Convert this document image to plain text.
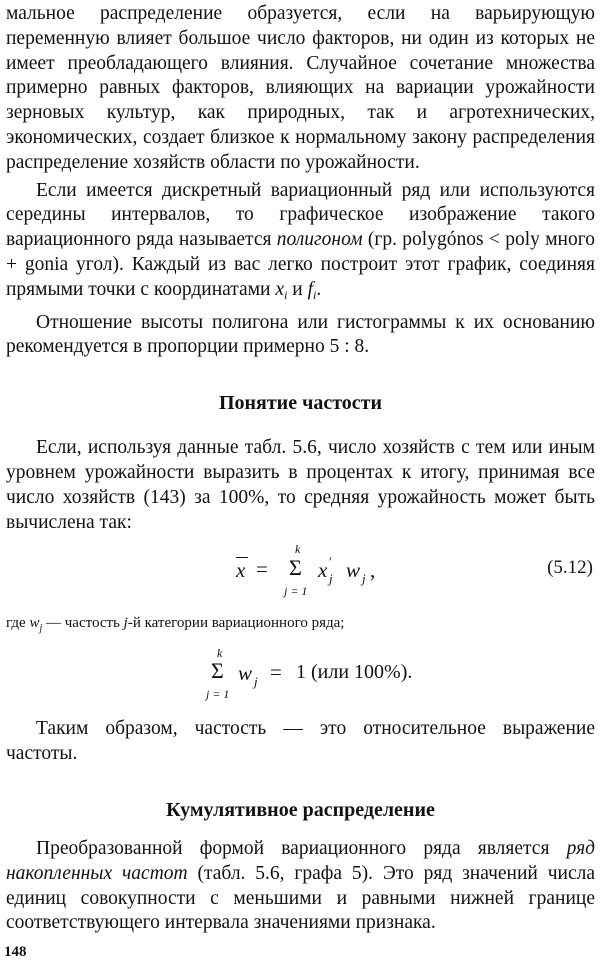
мальное распределение образуется, если на варьирующую переменную влияет большое число факторов, ни один из которых не имеет преобладающего влияния. Случайное сочетание множества примерно равных факторов, влияющих на вариации урожайности зерновых культур, как природных, так и агротехнических, экономических, создает близкое к нормальному закону распределения распределение хозяйств области по урожайности.

Если имеется дискретный вариационный ряд или используются середины интервалов, то графическое изображение такого вариационного ряда называется полигоном (гр. polygónos < poly много + gonia угол). Каждый из вас легко построит этот график, соединяя прямыми точки с координатами $x_i$ и $f_i$.

Отношение высоты полигона или гистограммы к их основанию рекомендуется в пропорции примерно 5 : 8.

Понятие частости

Если, используя данные табл. 5.6, число хозяйств с тем или иным уровнем урожайности выразить в процентах к итогу, принимая все число хозяйств (143) за 100%, то средняя урожайность может быть вычислена так:

x =
k
Σ
j = 1
x ′
j w j ,	(5.12)

где $w_j$ — частость j-й категории вариационного ряда;

k
Σ
j = 1
w j = 1 (или 100%).

Таким образом, частость — это относительное выражение частоты.

Кумулятивное распределение

Преобразованной формой вариационного ряда является ряд накопленных частот (табл. 5.6, графа 5). Это ряд значений числа единиц совокупности с меньшими и равными нижней границе соответствующего интервала значениями признака.

148
